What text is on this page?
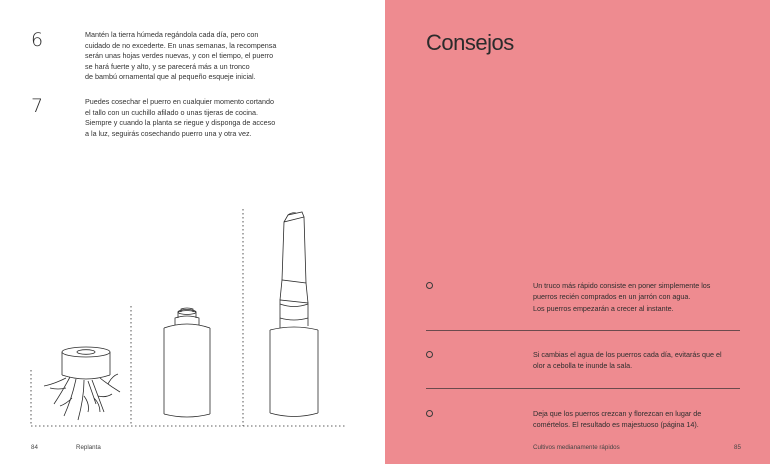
6	Mantén la tierra húmeda regándola cada día, pero con
cuidado de no excederte. En unas semanas, la recompensa
serán unas hojas verdes nuevas, y con el tiempo, el puerro
se hará fuerte y alto, y se parecerá más a un tronco
de bambú ornamental que al pequeño esqueje inicial.
7	Puedes cosechar el puerro en cualquier momento cortando
el tallo con un cuchillo afilado o unas tijeras de cocina.
Siempre y cuando la planta se riegue y disponga de acceso
a la luz, seguirás cosechando puerro una y otra vez.
84	Replanta
Consejos
Un truco más rápido consiste en poner simplemente los
puerros recién comprados en un jarrón con agua.
Los puerros empezarán a crecer al instante.
Si cambias el agua de los puerros cada día, evitarás que el
olor a cebolla te inunde la sala.
Deja que los puerros crezcan y florezcan en lugar de
comértelos. El resultado es majestuoso (página 14).
Cultivos medianamente rápidos	85
